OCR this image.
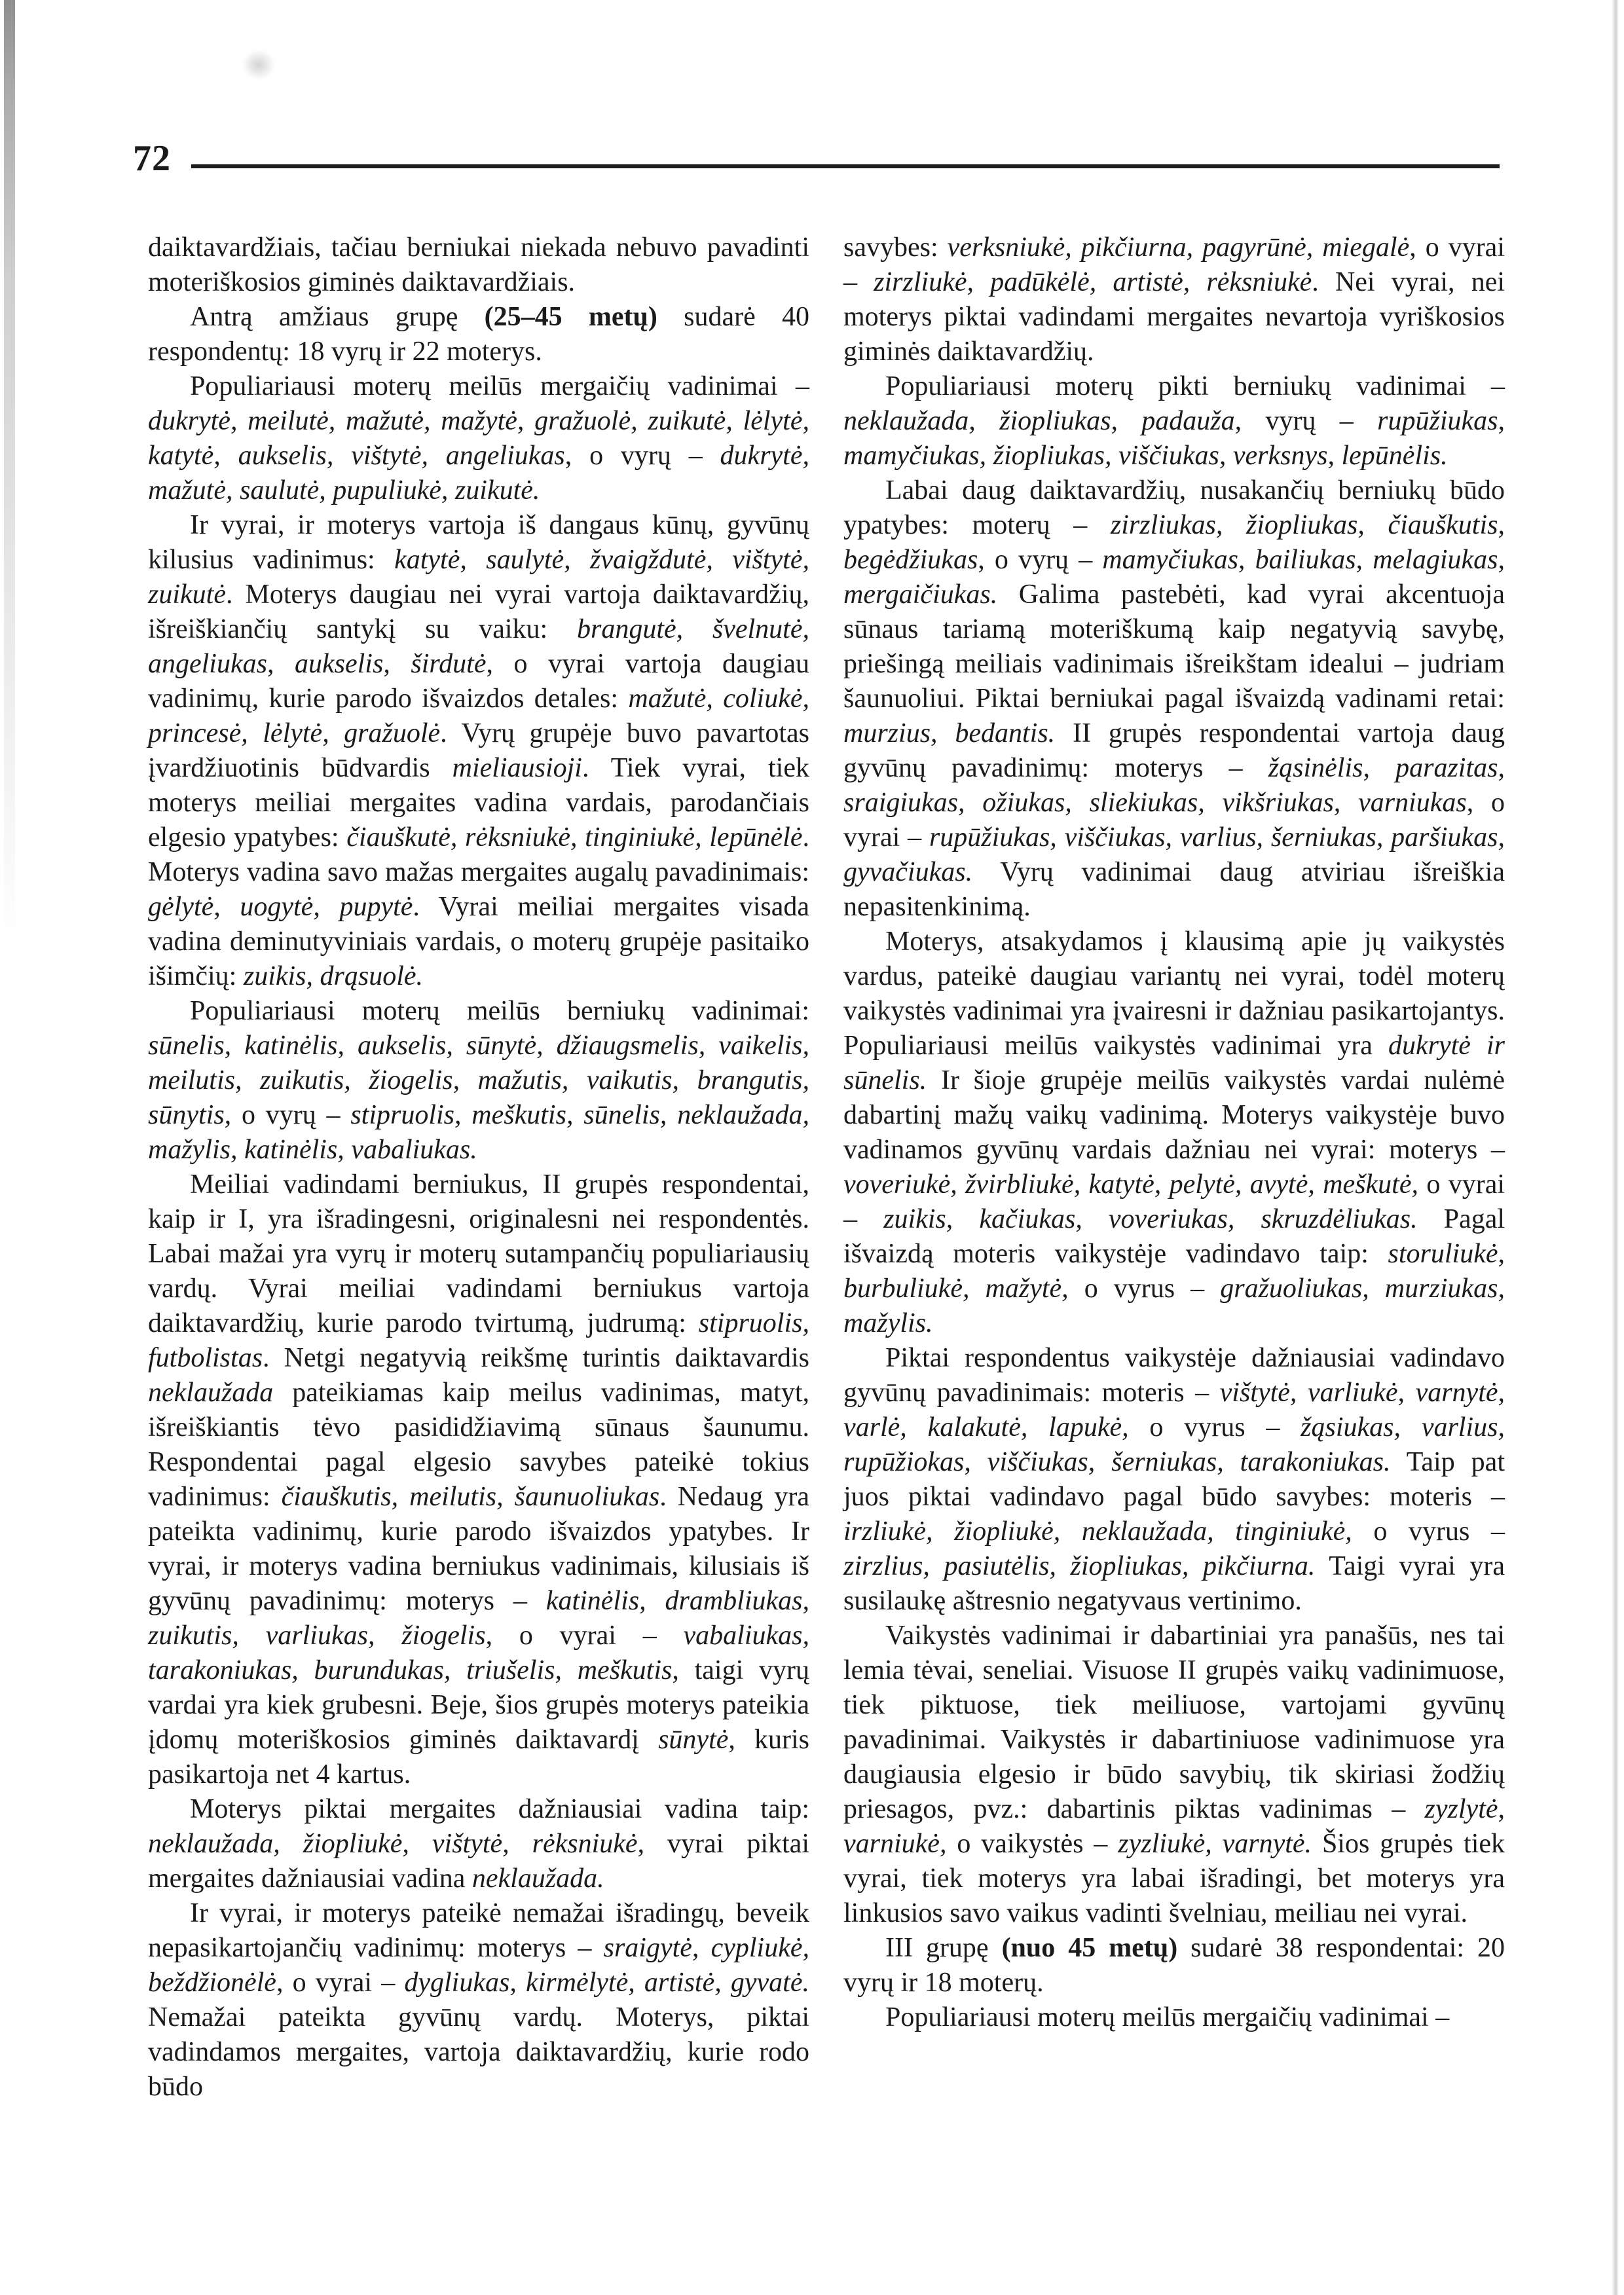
72

daiktavardžiais, tačiau berniukai niekada nebuvo pavadinti moteriškosios giminės daiktavardžiais.

Antrą amžiaus grupę (25–45 metų) sudarė 40 respondentų: 18 vyrų ir 22 moterys.

Populiariausi moterų meilūs mergaičių vadinimai – dukrytė, meilutė, mažutė, mažytė, gražuolė, zuikutė, lėlytė, katytė, aukselis, vištytė, angeliukas, o vyrų – dukrytė, mažutė, saulutė, pupuliukė, zuikutė.

Ir vyrai, ir moterys vartoja iš dangaus kūnų, gyvūnų kilusius vadinimus: katytė, saulytė, žvaigždutė, vištytė, zuikutė. Moterys daugiau nei vyrai vartoja daiktavardžių, išreiškiančių santykį su vaiku: brangutė, švelnutė, angeliukas, aukselis, širdutė, o vyrai vartoja daugiau vadinimų, kurie parodo išvaizdos detales: mažutė, coliukė, princesė, lėlytė, gražuolė. Vyrų grupėje buvo pavartotas įvardžiuotinis būdvardis mieliausioji. Tiek vyrai, tiek moterys meiliai mergaites vadina vardais, parodančiais elgesio ypatybes: čiauškutė, rėksniukė, tinginiukė, lepūnėlė. Moterys vadina savo mažas mergaites augalų pavadinimais: gėlytė, uogytė, pupytė. Vyrai meiliai mergaites visada vadina deminutyviniais vardais, o moterų grupėje pasitaiko išimčių: zuikis, drąsuolė.

Populiariausi moterų meilūs berniukų vadinimai: sūnelis, katinėlis, aukselis, sūnytė, džiaugsmelis, vaikelis, meilutis, zuikutis, žiogelis, mažutis, vaikutis, brangutis, sūnytis, o vyrų – stipruolis, meškutis, sūnelis, neklaužada, mažylis, katinėlis, vabaliukas.

Meiliai vadindami berniukus, II grupės respondentai, kaip ir I, yra išradingesni, originalesni nei respondentės. Labai mažai yra vyrų ir moterų sutampančių populiariausių vardų. Vyrai meiliai vadindami berniukus vartoja daiktavardžių, kurie parodo tvirtumą, judrumą: stipruolis, futbolistas. Netgi negatyvią reikšmę turintis daiktavardis neklaužada pateikiamas kaip meilus vadinimas, matyt, išreiškiantis tėvo pasididžiavimą sūnaus šaunumu. Respondentai pagal elgesio savybes pateikė tokius vadinimus: čiauškutis, meilutis, šaunuoliukas. Nedaug yra pateikta vadinimų, kurie parodo išvaizdos ypatybes. Ir vyrai, ir moterys vadina berniukus vadinimais, kilusiais iš gyvūnų pavadinimų: moterys – katinėlis, drambliukas, zuikutis, varliukas, žiogelis, o vyrai – vabaliukas, tarakoniukas, burundukas, triušelis, meškutis, taigi vyrų vardai yra kiek grubesni. Beje, šios grupės moterys pateikia įdomų moteriškosios giminės daiktavardį sūnytė, kuris pasikartoja net 4 kartus.

Moterys piktai mergaites dažniausiai vadina taip: neklaužada, žiopliukė, vištytė, rėksniukė, vyrai piktai mergaites dažniausiai vadina neklaužada.

Ir vyrai, ir moterys pateikė nemažai išradingų, beveik nepasikartojančių vadinimų: moterys – sraigytė, cypliukė, beždžionėlė, o vyrai – dygliukas, kirmėlytė, artistė, gyvatė. Nemažai pateikta gyvūnų vardų. Moterys, piktai vadindamos mergaites, vartoja daiktavardžių, kurie rodo būdo

savybes: verksniukė, pikčiurna, pagyrūnė, miegalė, o vyrai – zirzliukė, padūkėlė, artistė, rėksniukė. Nei vyrai, nei moterys piktai vadindami mergaites nevartoja vyriškosios giminės daiktavardžių.

Populiariausi moterų pikti berniukų vadinimai – neklaužada, žiopliukas, padauža, vyrų – rupūžiukas, mamyčiukas, žiopliukas, viščiukas, verksnys, lepūnėlis.

Labai daug daiktavardžių, nusakančių berniukų būdo ypatybes: moterų – zirzliukas, žiopliukas, čiauškutis, begėdžiukas, o vyrų – mamyčiukas, bailiukas, melagiukas, mergaičiukas. Galima pastebėti, kad vyrai akcentuoja sūnaus tariamą moteriškumą kaip negatyvią savybę, priešingą meiliais vadinimais išreikštam idealui – judriam šaunuoliui. Piktai berniukai pagal išvaizdą vadinami retai: murzius, bedantis. II grupės respondentai vartoja daug gyvūnų pavadinimų: moterys – žąsinėlis, parazitas, sraigiukas, ožiukas, sliekiukas, vikšriukas, varniukas, o vyrai – rupūžiukas, viščiukas, varlius, šerniukas, paršiukas, gyvačiukas. Vyrų vadinimai daug atviriau išreiškia nepasitenkinimą.

Moterys, atsakydamos į klausimą apie jų vaikystės vardus, pateikė daugiau variantų nei vyrai, todėl moterų vaikystės vadinimai yra įvairesni ir dažniau pasikartojantys. Populiariausi meilūs vaikystės vadinimai yra dukrytė ir sūnelis. Ir šioje grupėje meilūs vaikystės vardai nulėmė dabartinį mažų vaikų vadinimą. Moterys vaikystėje buvo vadinamos gyvūnų vardais dažniau nei vyrai: moterys – voveriukė, žvirbliukė, katytė, pelytė, avytė, meškutė, o vyrai – zuikis, kačiukas, voveriukas, skruzdėliukas. Pagal išvaizdą moteris vaikystėje vadindavo taip: storuliukė, burbuliukė, mažytė, o vyrus – gražuoliukas, murziukas, mažylis.

Piktai respondentus vaikystėje dažniausiai vadindavo gyvūnų pavadinimais: moteris – vištytė, varliukė, varnytė, varlė, kalakutė, lapukė, o vyrus – žąsiukas, varlius, rupūžiokas, viščiukas, šerniukas, tarakoniukas. Taip pat juos piktai vadindavo pagal būdo savybes: moteris – irzliukė, žiopliukė, neklaužada, tinginiukė, o vyrus – zirzlius, pasiutėlis, žiopliukas, pikčiurna. Taigi vyrai yra susilaukę aštresnio negatyvaus vertinimo.

Vaikystės vadinimai ir dabartiniai yra panašūs, nes tai lemia tėvai, seneliai. Visuose II grupės vaikų vadinimuose, tiek piktuose, tiek meiliuose, vartojami gyvūnų pavadinimai. Vaikystės ir dabartiniuose vadinimuose yra daugiausia elgesio ir būdo savybių, tik skiriasi žodžių priesagos, pvz.: dabartinis piktas vadinimas – zyzlytė, varniukė, o vaikystės – zyzliukė, varnytė. Šios grupės tiek vyrai, tiek moterys yra labai išradingi, bet moterys yra linkusios savo vaikus vadinti švelniau, meiliau nei vyrai.

III grupę (nuo 45 metų) sudarė 38 respondentai: 20 vyrų ir 18 moterų.

Populiariausi moterų meilūs mergaičių vadinimai –
